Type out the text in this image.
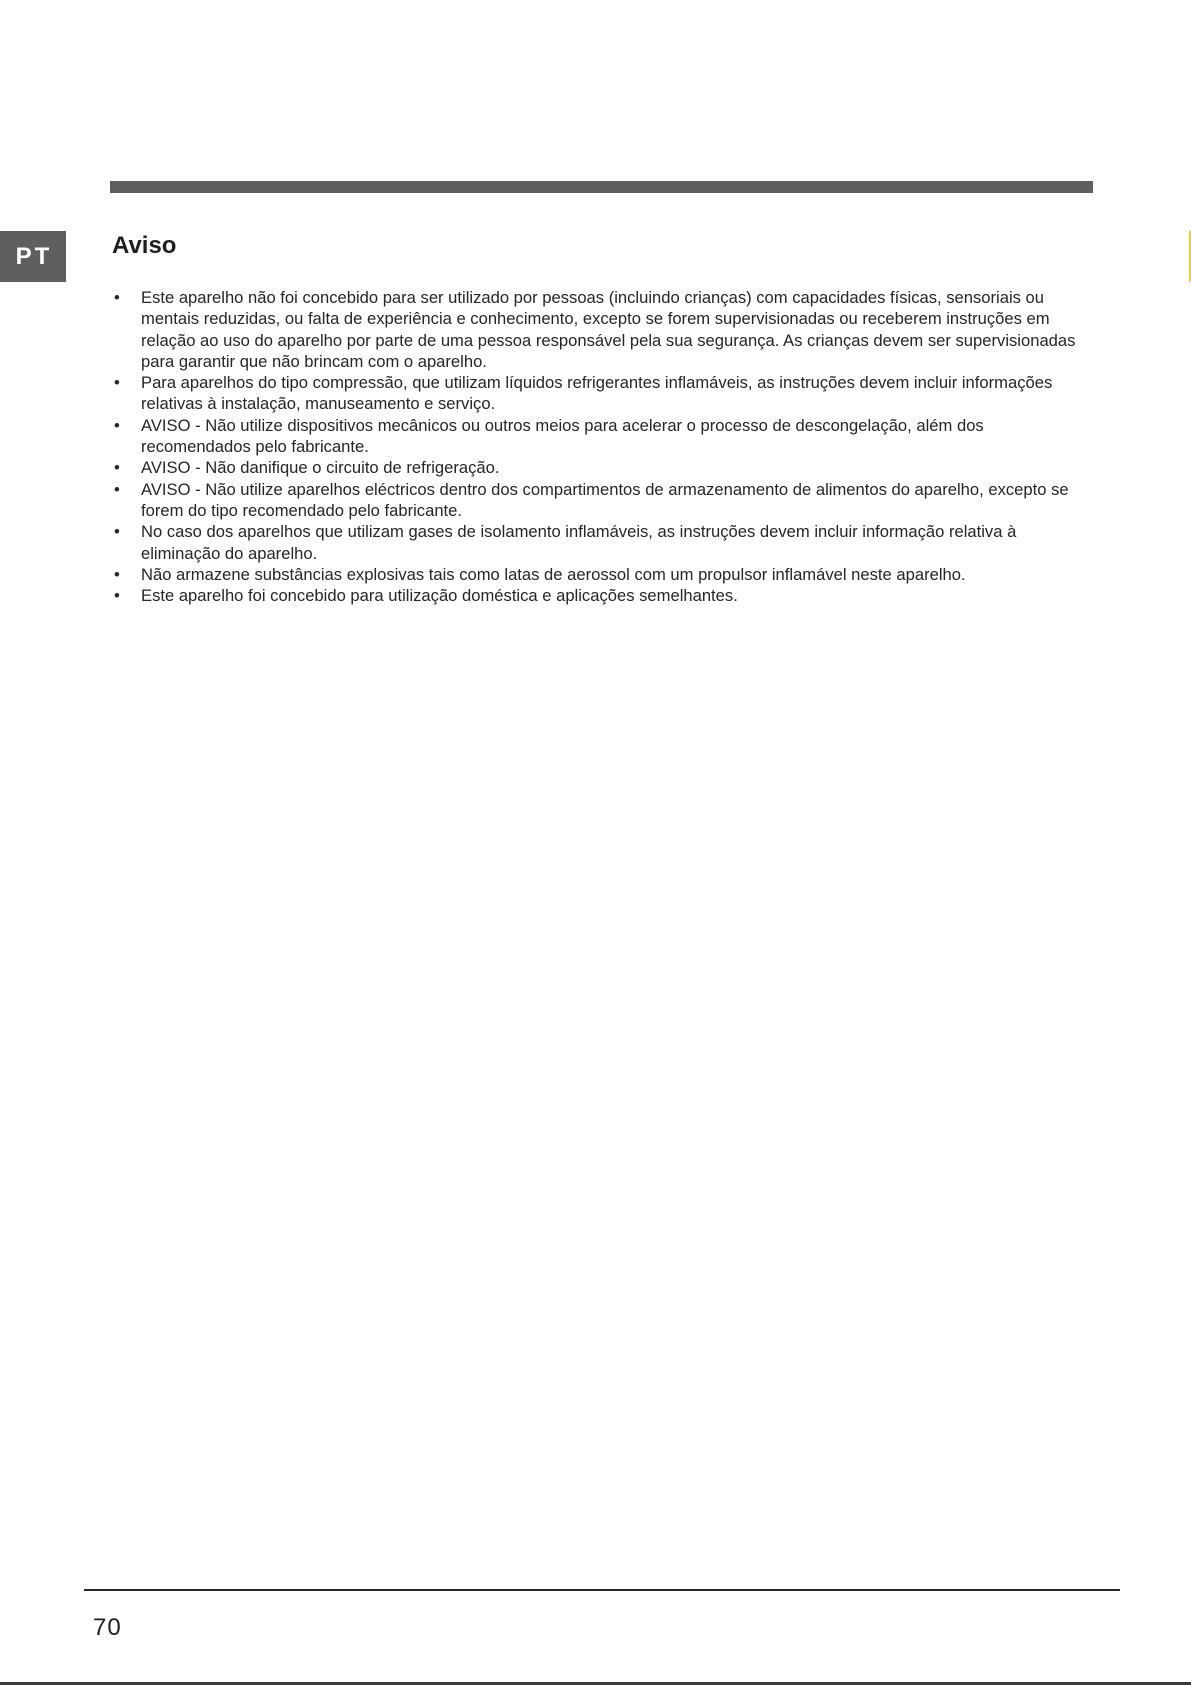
PT Aviso
• Este aparelho não foi concebido para ser utilizado por pessoas (incluindo crianças) com capacidades físicas, sensoriais ou mentais reduzidas, ou falta de experiência e conhecimento, excepto se forem supervisionadas ou receberem instruções em relação ao uso do aparelho por parte de uma pessoa responsável pela sua segurança. As crianças devem ser supervisionadas para garantir que não brincam com o aparelho.
• Para aparelhos do tipo compressão, que utilizam líquidos refrigerantes inflamáveis, as instruções devem incluir informações relativas à instalação, manuseamento e serviço.
• AVISO - Não utilize dispositivos mecânicos ou outros meios para acelerar o processo de descongelação, além dos recomendados pelo fabricante.
• AVISO - Não danifique o circuito de refrigeração.
• AVISO - Não utilize aparelhos eléctricos dentro dos compartimentos de armazenamento de alimentos do aparelho, excepto se forem do tipo recomendado pelo fabricante.
• No caso dos aparelhos que utilizam gases de isolamento inflamáveis, as instruções devem incluir informação relativa à eliminação do aparelho.
• Não armazene substâncias explosivas tais como latas de aerossol com um propulsor inflamável neste aparelho.
• Este aparelho foi concebido para utilização doméstica e aplicações semelhantes.
70
